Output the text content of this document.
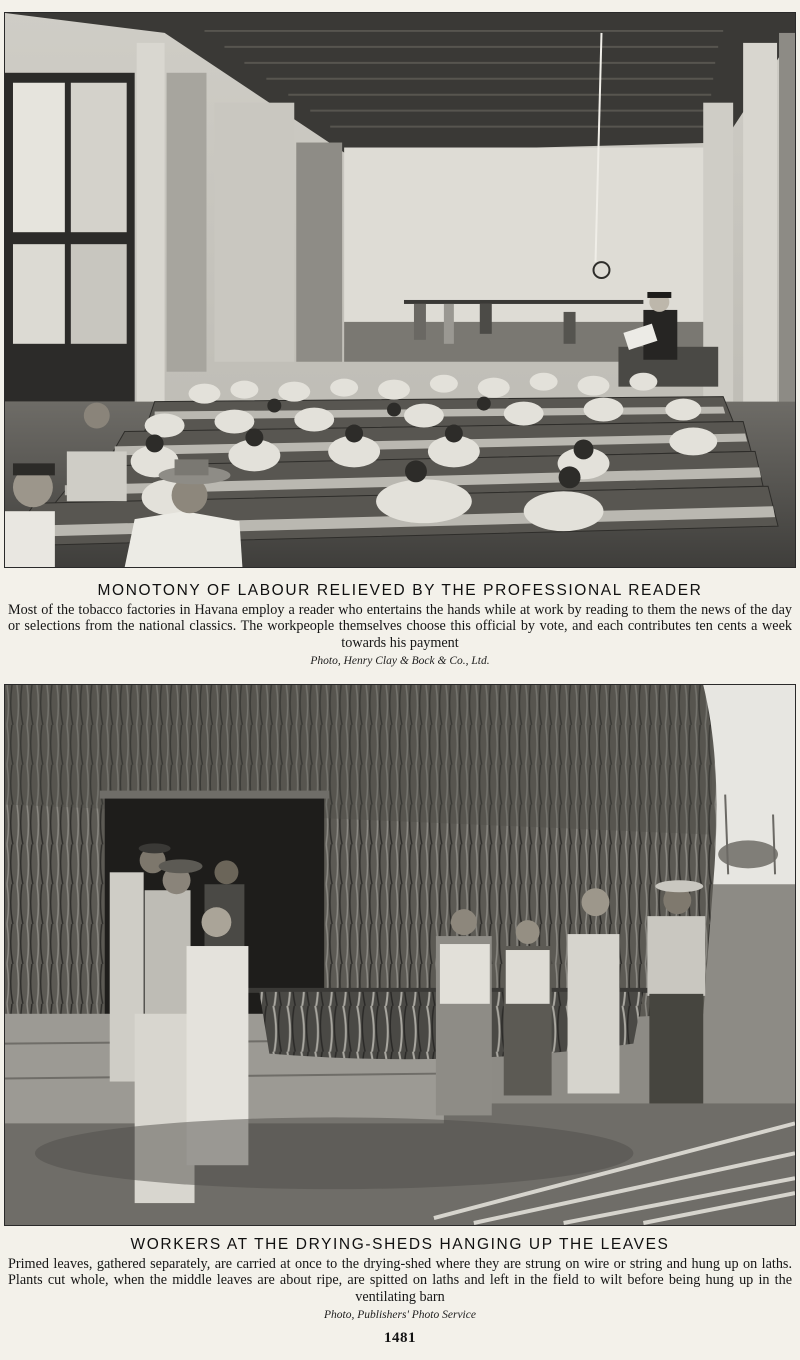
MONOTONY OF LABOUR RELIEVED BY THE PROFESSIONAL READER

Most of the tobacco factories in Havana employ a reader who entertains the hands while at work by reading to them the news of the day or selections from the national classics. The workpeople themselves choose this official by vote, and each contributes ten cents a week towards his payment

Photo, Henry Clay & Bock & Co., Ltd.
WORKERS AT THE DRYING-SHEDS HANGING UP THE LEAVES

Primed leaves, gathered separately, are carried at once to the drying-shed where they are strung on wire or string and hung up on laths. Plants cut whole, when the middle leaves are about ripe, are spitted on laths and left in the field to wilt before being hung up in the ventilating barn

Photo, Publishers' Photo Service
1481
